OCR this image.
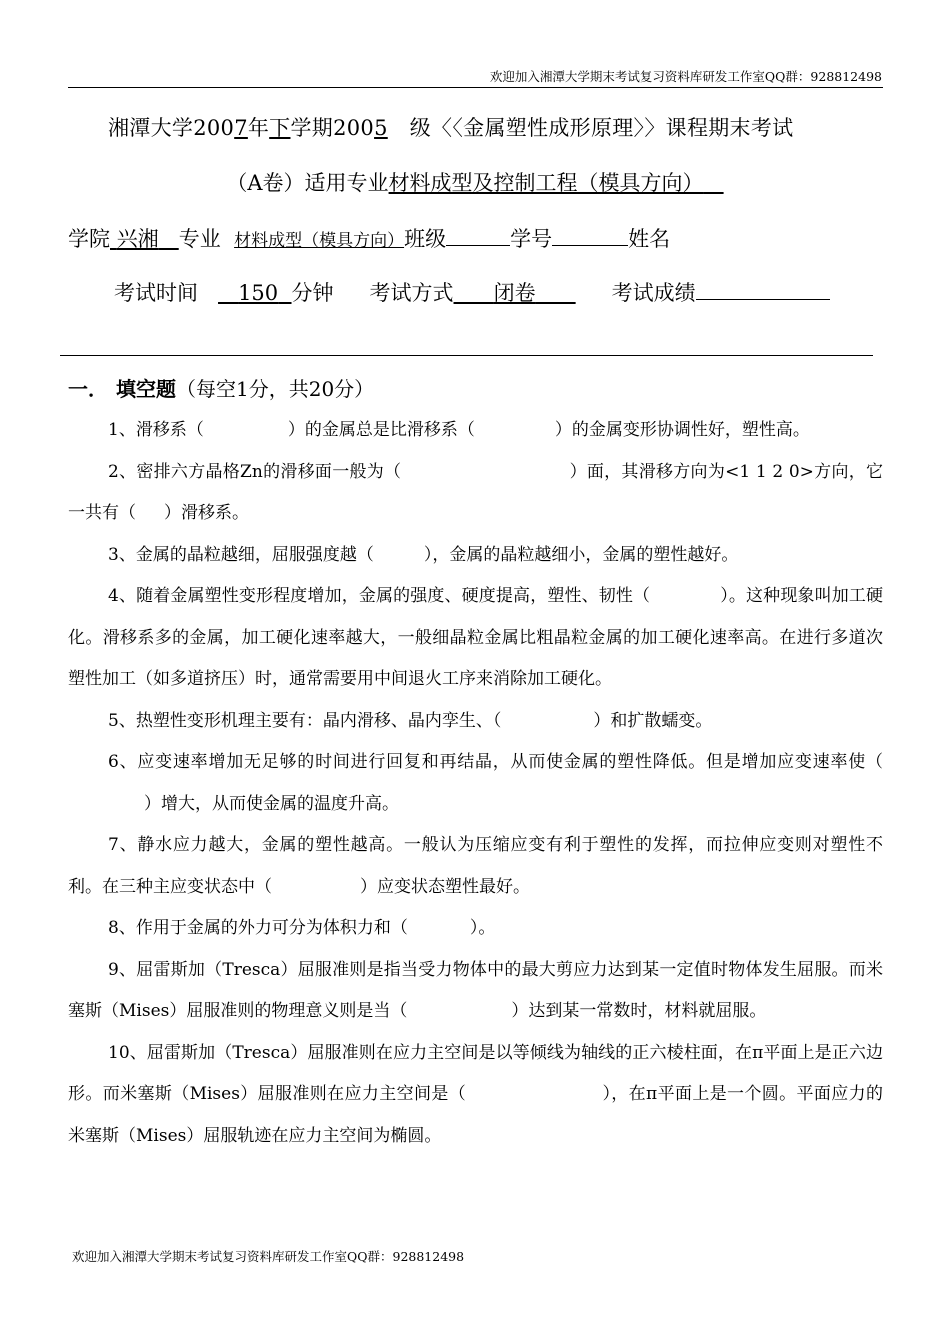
欢迎加入湘潭大学期末考试复习资料库研发工作室QQ群：928812498
湘潭大学2007年下学期2005 级〈〈金属塑性成形原理〉〉课程期末考试
（A卷）适用专业材料成型及控制工程（模具方向）
学院 兴湘 专业 材料成型（模具方向）班级	学号	姓名
考试时间 150 分钟 考试方式 闭卷	考试成绩
一． 填空题（每空1分，共20分）

1、滑移系（	）的金属总是比滑移系（	）的金属变形协调性好，塑性高。

2、密排六方晶格Zn的滑移面一般为（	）面，其滑移方向为<1 1 2 0>方向，它一共有（ ）滑移系。

3、金属的晶粒越细，屈服强度越（	），金属的晶粒越细小，金属的塑性越好。

4、随着金属塑性变形程度增加，金属的强度、硬度提高，塑性、韧性（	）。这种现象叫加工硬化。滑移系多的金属，加工硬化速率越大，一般细晶粒金属比粗晶粒金属的加工硬化速率高。在进行多道次塑性加工（如多道挤压）时，通常需要用中间退火工序来消除加工硬化。

5、热塑性变形机理主要有：晶内滑移、晶内孪生、（	）和扩散蠕变。

6、应变速率增加无足够的时间进行回复和再结晶，从而使金属的塑性降低。但是增加应变速率使（）增大，从而使金属的温度升高。

7、静水应力越大，金属的塑性越高。一般认为压缩应变有利于塑性的发挥，而拉伸应变则对塑性不利。在三种主应变状态中（	）应变状态塑性最好。

8、作用于金属的外力可分为体积力和（	）。

9、屈雷斯加（Tresca）屈服准则是指当受力物体中的最大剪应力达到某一定值时物体发生屈服。而米塞斯（Mises）屈服准则的物理意义则是当（	）达到某一常数时，材料就屈服。

10、屈雷斯加（Tresca）屈服准则在应力主空间是以等倾线为轴线的正六棱柱面，在π平面上是正六边形。而米塞斯（Mises）屈服准则在应力主空间是（	），在π平面上是一个圆。平面应力的米塞斯（Mises）屈服轨迹在应力主空间为椭圆。

欢迎加入湘潭大学期末考试复习资料库研发工作室QQ群：928812498
